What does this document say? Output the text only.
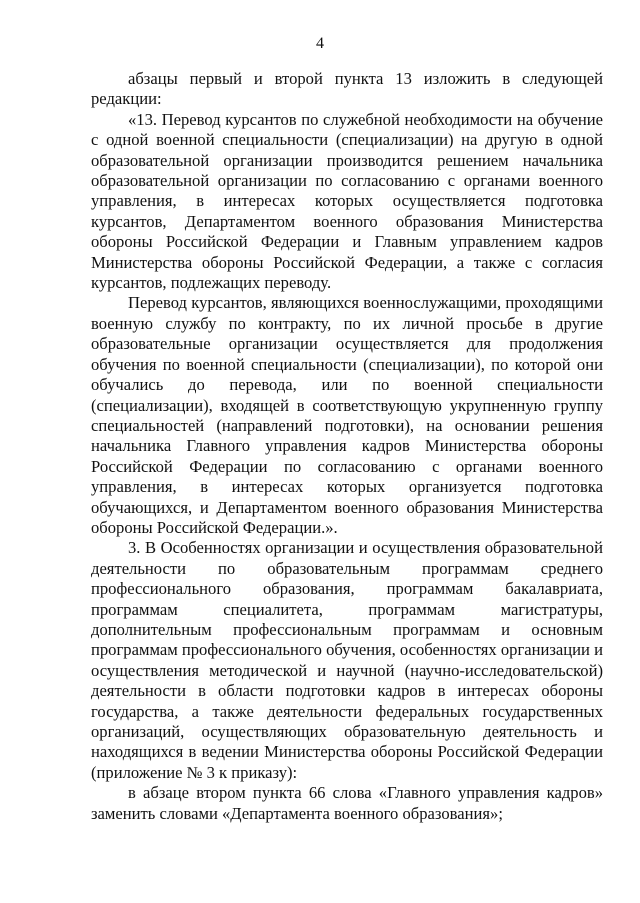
4

абзацы первый и второй пункта 13 изложить в следующей редакции:

«13. Перевод курсантов по служебной необходимости на обучение с одной военной специальности (специализации) на другую в одной образовательной организации производится решением начальника образовательной организации по согласованию с органами военного управления, в интересах которых осуществляется подготовка курсантов, Департаментом военного образования Министерства обороны Российской Федерации и Главным управлением кадров Министерства обороны Российской Федерации, а также с согласия курсантов, подлежащих переводу.

Перевод курсантов, являющихся военнослужащими, проходящими военную службу по контракту, по их личной просьбе в другие образовательные организации осуществляется для продолжения обучения по военной специальности (специализации), по которой они обучались до перевода, или по военной специальности (специализации), входящей в соответствующую укрупненную группу специальностей (направлений подготовки), на основании решения начальника Главного управления кадров Министерства обороны Российской Федерации по согласованию с органами военного управления, в интересах которых организуется подготовка обучающихся, и Департаментом военного образования Министерства обороны Российской Федерации.».

3. В Особенностях организации и осуществления образовательной деятельности по образовательным программам среднего профессионального образования, программам бакалавриата, программам специалитета, программам магистратуры, дополнительным профессиональным программам и основным программам профессионального обучения, особенностях организации и осуществления методической и научной (научно-исследовательской) деятельности в области подготовки кадров в интересах обороны государства, а также деятельности федеральных государственных организаций, осуществляющих образовательную деятельность и находящихся в ведении Министерства обороны Российской Федерации (приложение № 3 к приказу):

в абзаце втором пункта 66 слова «Главного управления кадров» заменить словами «Департамента военного образования»;
